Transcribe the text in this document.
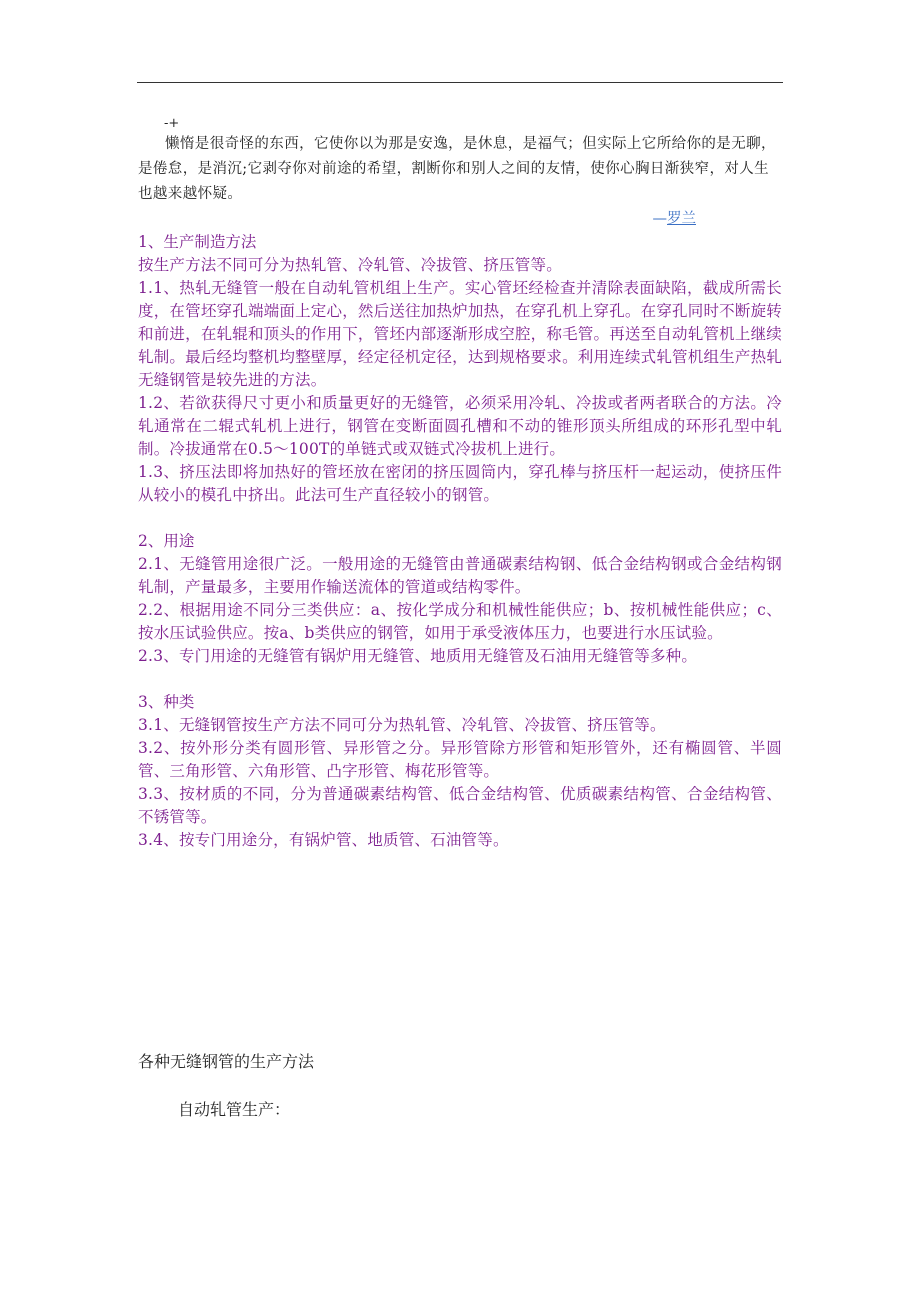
-+

懒惰是很奇怪的东西，它使你以为那是安逸，是休息，是福气；但实际上它所给你的是无聊，是倦怠，是消沉;它剥夺你对前途的希望，割断你和别人之间的友情，使你心胸日渐狭窄，对人生也越来越怀疑。

—罗兰
1、生产制造方法

按生产方法不同可分为热轧管、冷轧管、冷拔管、挤压管等。

1.1、热轧无缝管一般在自动轧管机组上生产。实心管坯经检查并清除表面缺陷，截成所需长度，在管坯穿孔端端面上定心，然后送往加热炉加热，在穿孔机上穿孔。在穿孔同时不断旋转和前进，在轧辊和顶头的作用下，管坯内部逐渐形成空腔，称毛管。再送至自动轧管机上继续轧制。最后经均整机均整壁厚，经定径机定径，达到规格要求。利用连续式轧管机组生产热轧无缝钢管是较先进的方法。

1.2、若欲获得尺寸更小和质量更好的无缝管，必须采用冷轧、冷拔或者两者联合的方法。冷轧通常在二辊式轧机上进行，钢管在变断面圆孔槽和不动的锥形顶头所组成的环形孔型中轧制。冷拔通常在0.5～100T的单链式或双链式冷拔机上进行。

1.3、挤压法即将加热好的管坯放在密闭的挤压圆筒内，穿孔棒与挤压杆一起运动，使挤压件从较小的模孔中挤出。此法可生产直径较小的钢管。

2、用途

2.1、无缝管用途很广泛。一般用途的无缝管由普通碳素结构钢、低合金结构钢或合金结构钢轧制，产量最多，主要用作输送流体的管道或结构零件。

2.2、根据用途不同分三类供应：a、按化学成分和机械性能供应；b、按机械性能供应；c、按水压试验供应。按a、b类供应的钢管，如用于承受液体压力，也要进行水压试验。

2.3、专门用途的无缝管有锅炉用无缝管、地质用无缝管及石油用无缝管等多种。

3、种类

3.1、无缝钢管按生产方法不同可分为热轧管、冷轧管、冷拔管、挤压管等。

3.2、按外形分类有圆形管、异形管之分。异形管除方形管和矩形管外，还有椭圆管、半圆管、三角形管、六角形管、凸字形管、梅花形管等。

3.3、按材质的不同，分为普通碳素结构管、低合金结构管、优质碳素结构管、合金结构管、不锈管等。

3.4、按专门用途分，有锅炉管、地质管、石油管等。

各种无缝钢管的生产方法
自动轧管生产：
